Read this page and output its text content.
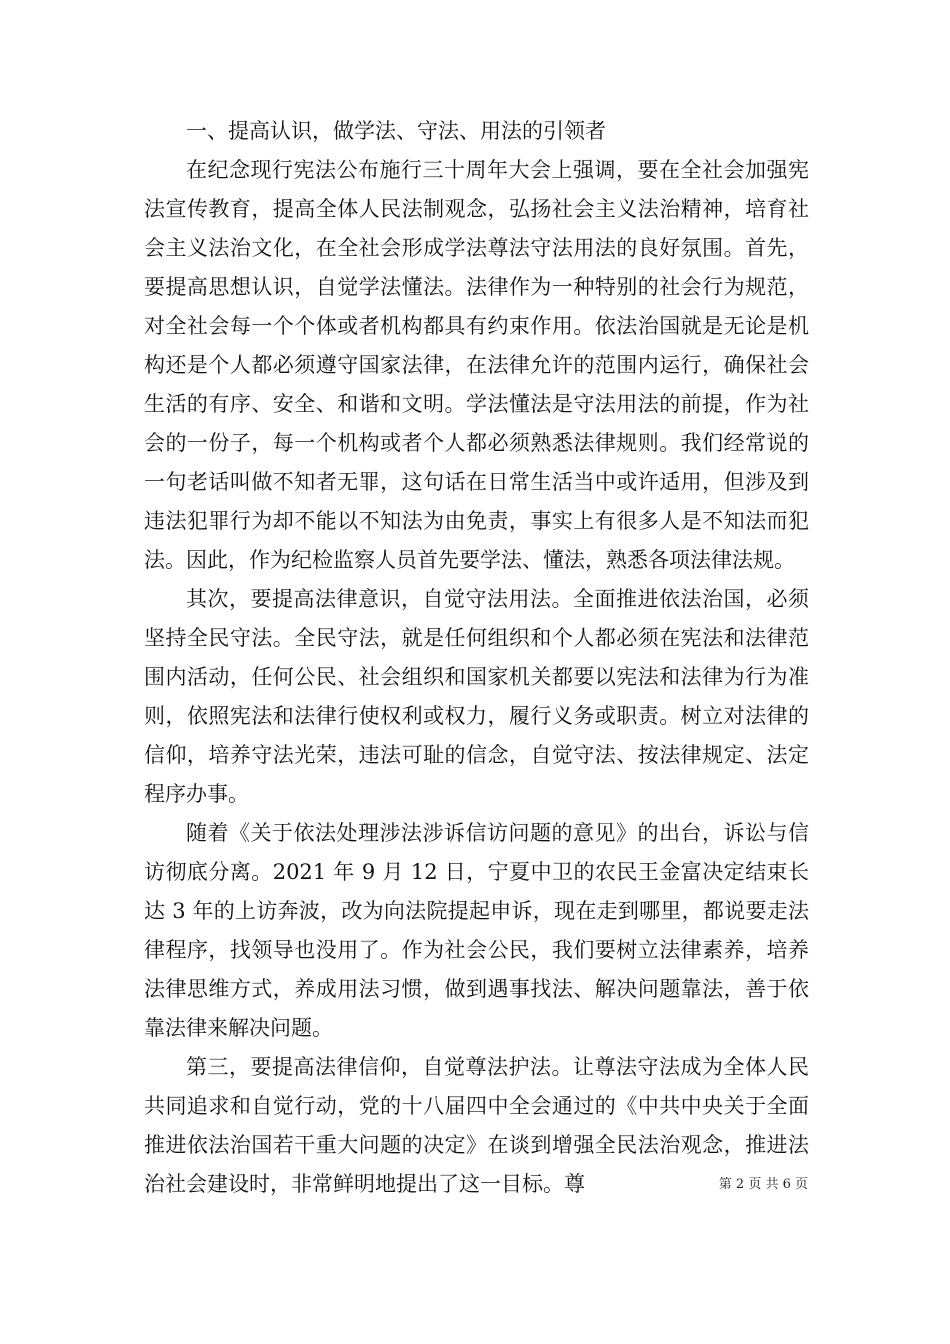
一、提高认识，做学法、守法、用法的引领者

在纪念现行宪法公布施行三十周年大会上强调，要在全社会加强宪法宣传教育，提高全体人民法制观念，弘扬社会主义法治精神，培育社会主义法治文化，在全社会形成学法尊法守法用法的良好氛围。首先，要提高思想认识，自觉学法懂法。法律作为一种特别的社会行为规范，对全社会每一个个体或者机构都具有约束作用。依法治国就是无论是机构还是个人都必须遵守国家法律，在法律允许的范围内运行，确保社会生活的有序、安全、和谐和文明。学法懂法是守法用法的前提，作为社会的一份子，每一个机构或者个人都必须熟悉法律规则。我们经常说的一句老话叫做不知者无罪，这句话在日常生活当中或许适用，但涉及到违法犯罪行为却不能以不知法为由免责，事实上有很多人是不知法而犯法。因此，作为纪检监察人员首先要学法、懂法，熟悉各项法律法规。

其次，要提高法律意识，自觉守法用法。全面推进依法治国，必须坚持全民守法。全民守法，就是任何组织和个人都必须在宪法和法律范围内活动，任何公民、社会组织和国家机关都要以宪法和法律为行为准则，依照宪法和法律行使权利或权力，履行义务或职责。树立对法律的信仰，培养守法光荣，违法可耻的信念，自觉守法、按法律规定、法定程序办事。

随着《关于依法处理涉法涉诉信访问题的意见》的出台，诉讼与信访彻底分离。2021 年 9 月 12 日，宁夏中卫的农民王金富决定结束长达 3 年的上访奔波，改为向法院提起申诉，现在走到哪里，都说要走法律程序，找领导也没用了。作为社会公民，我们要树立法律素养，培养法律思维方式，养成用法习惯，做到遇事找法、解决问题靠法，善于依靠法律来解决问题。

第三，要提高法律信仰，自觉尊法护法。让尊法守法成为全体人民共同追求和自觉行动，党的十八届四中全会通过的《中共中央关于全面推进依法治国若干重大问题的决定》在谈到增强全民法治观念，推进法治社会建设时，非常鲜明地提出了这一目标。尊	第 2 页 共 6 页
